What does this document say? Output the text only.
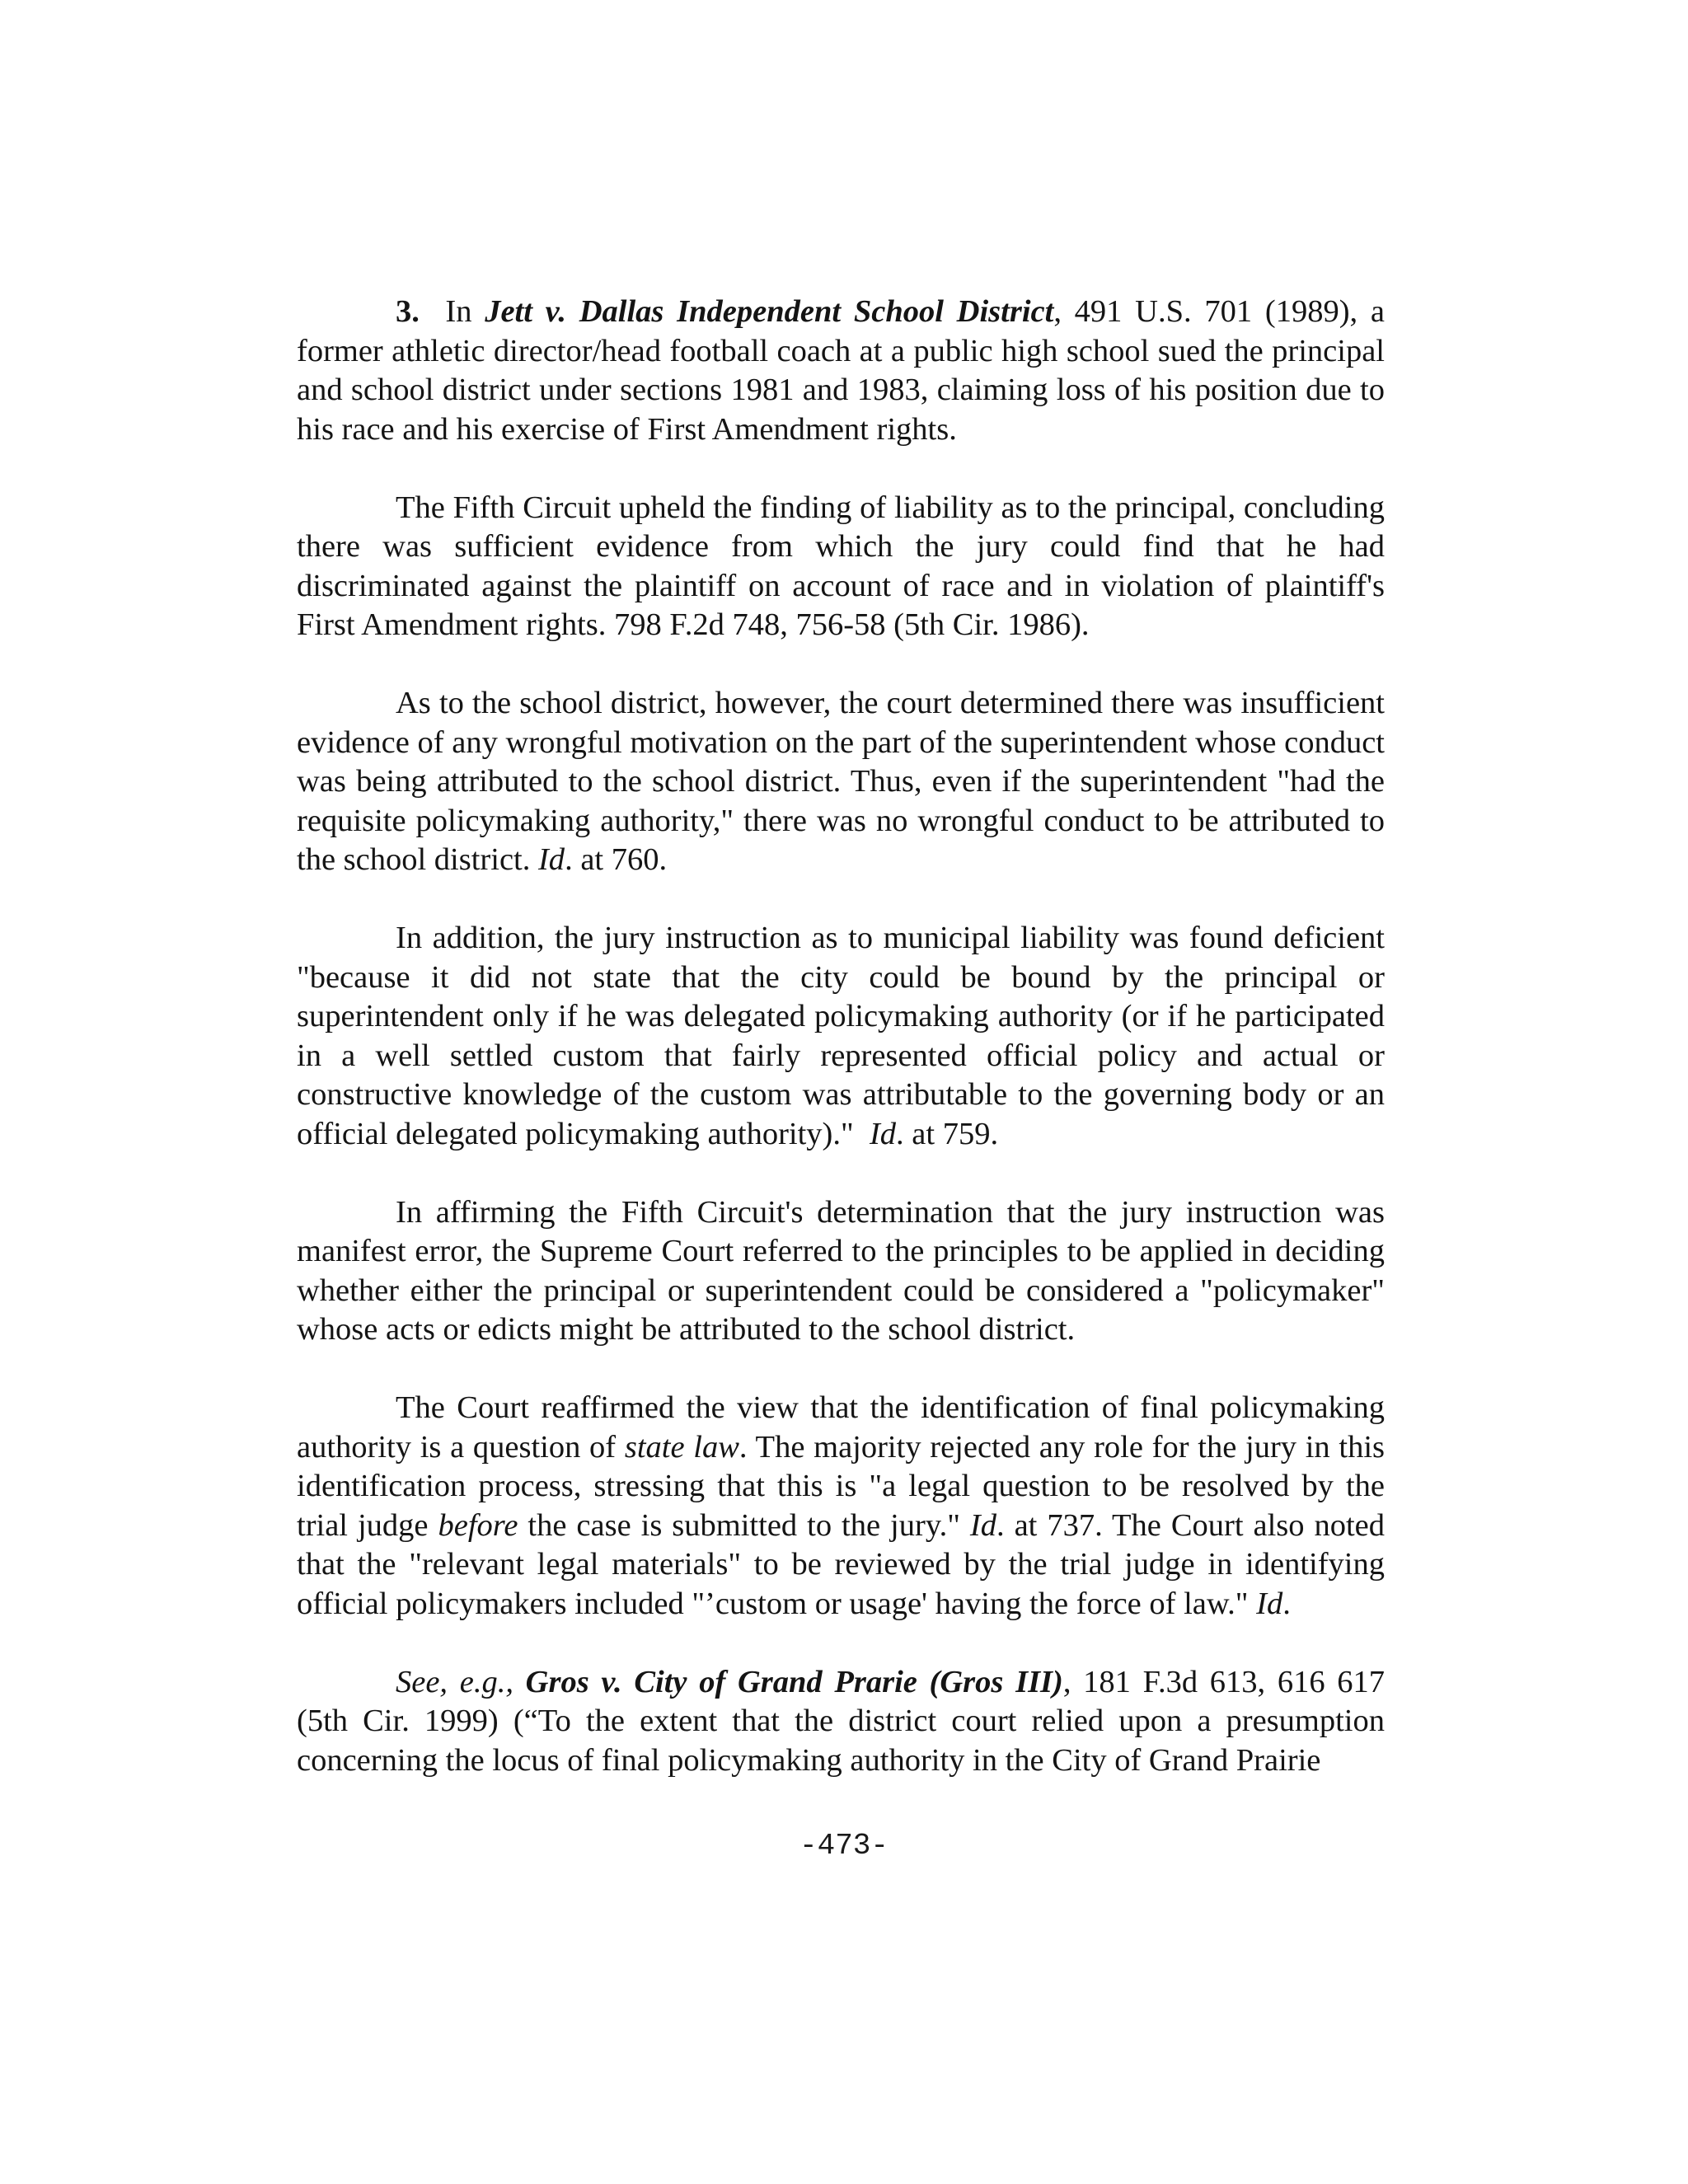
3. In Jett v. Dallas Independent School District, 491 U.S. 701 (1989), a former athletic director/head football coach at a public high school sued the principal and school district under sections 1981 and 1983, claiming loss of his position due to his race and his exercise of First Amendment rights.

The Fifth Circuit upheld the finding of liability as to the principal, concluding there was sufficient evidence from which the jury could find that he had discriminated against the plaintiff on account of race and in violation of plaintiff's First Amendment rights. 798 F.2d 748, 756-58 (5th Cir. 1986).

As to the school district, however, the court determined there was insufficient evidence of any wrongful motivation on the part of the superintendent whose conduct was being attributed to the school district. Thus, even if the superintendent "had the requisite policymaking authority," there was no wrongful conduct to be attributed to the school district. Id. at 760.

In addition, the jury instruction as to municipal liability was found deficient "because it did not state that the city could be bound by the principal or superintendent only if he was delegated policymaking authority (or if he participated in a well settled custom that fairly represented official policy and actual or constructive knowledge of the custom was attributable to the governing body or an official delegated policymaking authority)." Id. at 759.

In affirming the Fifth Circuit's determination that the jury instruction was manifest error, the Supreme Court referred to the principles to be applied in deciding whether either the principal or superintendent could be considered a "policymaker" whose acts or edicts might be attributed to the school district.

The Court reaffirmed the view that the identification of final policymaking authority is a question of state law. The majority rejected any role for the jury in this identification process, stressing that this is "a legal question to be resolved by the trial judge before the case is submitted to the jury." Id. at 737. The Court also noted that the "relevant legal materials" to be reviewed by the trial judge in identifying official policymakers included "’custom or usage' having the force of law." Id.

See, e.g., Gros v. City of Grand Prarie (Gros III), 181 F.3d 613, 616 617 (5th Cir. 1999) (“To the extent that the district court relied upon a presumption concerning the locus of final policymaking authority in the City of Grand Prairie

-473-
